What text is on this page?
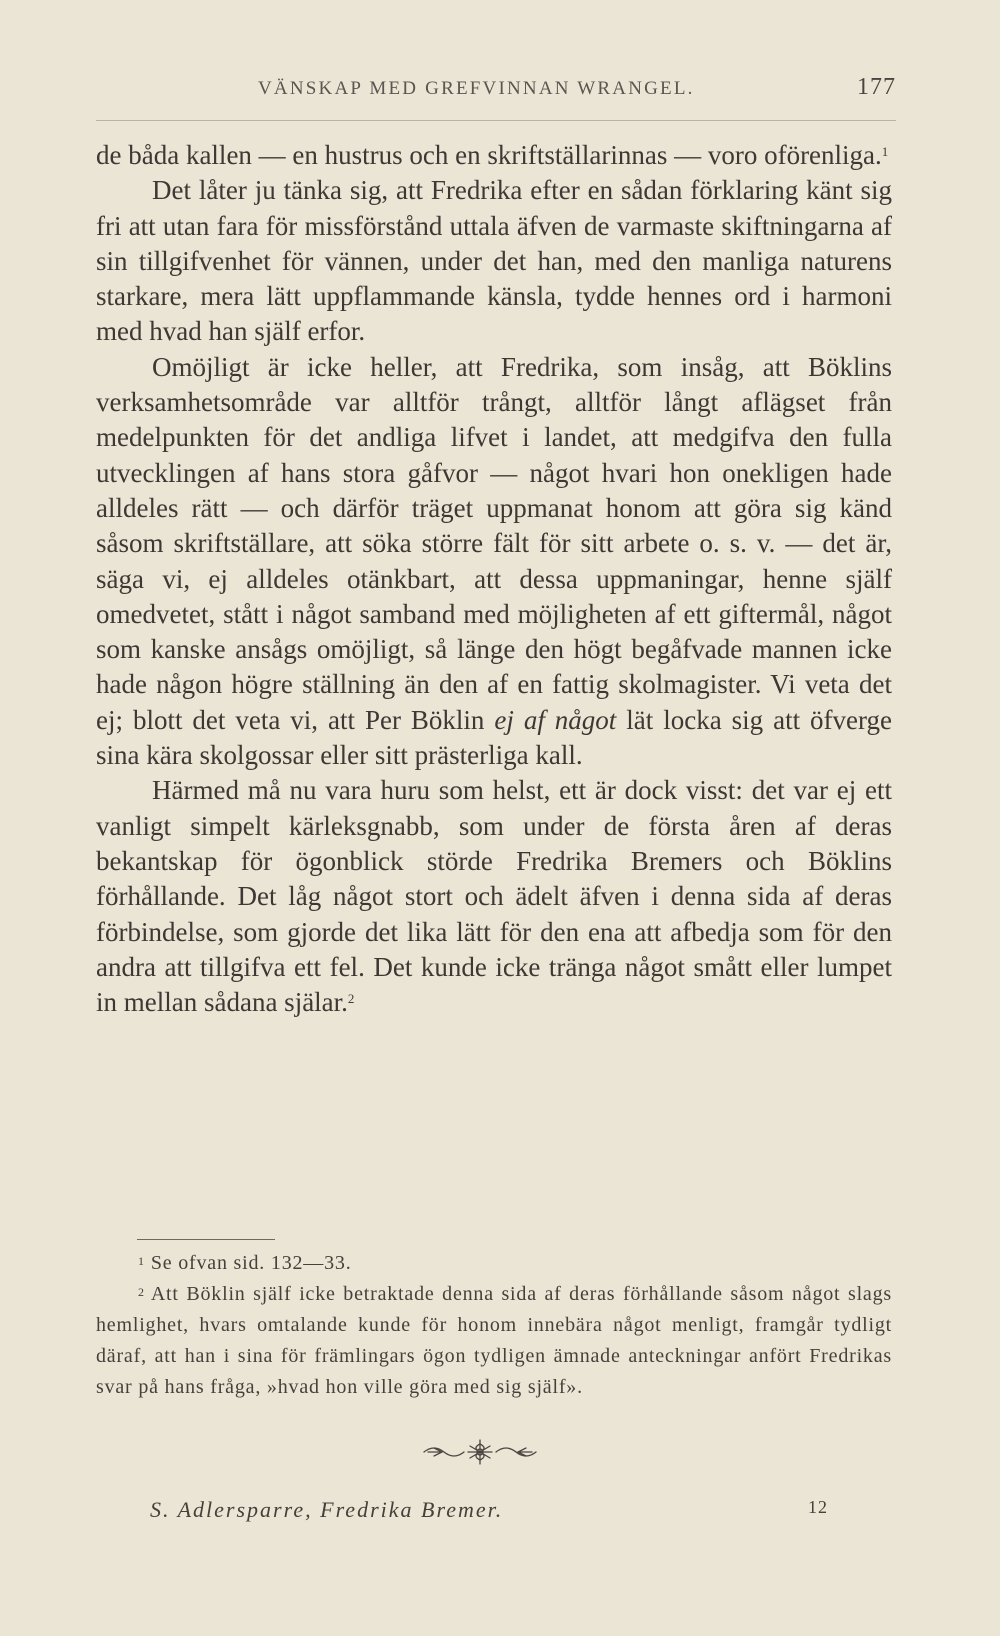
VÄNSKAP MED GREFVINNAN WRANGEL.	177

de båda kallen — en hustrus och en skriftställarinnas — voro oförenliga.$^1$

Det låter ju tänka sig, att Fredrika efter en sådan förklaring känt sig fri att utan fara för missförstånd uttala äfven de varmaste skiftningarna af sin tillgifvenhet för vännen, under det han, med den manliga naturens starkare, mera lätt uppflammande känsla, tydde hennes ord i harmoni med hvad han själf erfor.

Omöjligt är icke heller, att Fredrika, som insåg, att Böklins verksamhetsområde var alltför trångt, alltför långt aflägset från medelpunkten för det andliga lifvet i landet, att medgifva den fulla utvecklingen af hans stora gåfvor — något hvari hon onekligen hade alldeles rätt — och därför träget uppmanat honom att göra sig känd såsom skriftställare, att söka större fält för sitt arbete o. s. v. — det är, säga vi, ej alldeles otänkbart, att dessa uppmaningar, henne själf omedvetet, stått i något samband med möjligheten af ett giftermål, något som kanske ansågs omöjligt, så länge den högt begåfvade mannen icke hade någon högre ställning än den af en fattig skolmagister. Vi veta det ej; blott det veta vi, att Per Böklin ej af något lät locka sig att öfverge sina kära skolgossar eller sitt prästerliga kall.

Härmed må nu vara huru som helst, ett är dock visst: det var ej ett vanligt simpelt kärleksgnabb, som under de första åren af deras bekantskap för ögonblick störde Fredrika Bremers och Böklins förhållande. Det låg något stort och ädelt äfven i denna sida af deras förbindelse, som gjorde det lika lätt för den ena att afbedja som för den andra att tillgifva ett fel. Det kunde icke tränga något smått eller lumpet in mellan sådana själar.$^2$

$^1$ Se ofvan sid. 132—33.

$^2$ Att Böklin själf icke betraktade denna sida af deras förhållande såsom något slags hemlighet, hvars omtalande kunde för honom innebära något menligt, framgår tydligt däraf, att han i sina för främlingars ögon tydligen ämnade anteckningar anfört Fredrikas svar på hans fråga, »hvad hon ville göra med sig själf».

S. Adlersparre, Fredrika Bremer.	12
